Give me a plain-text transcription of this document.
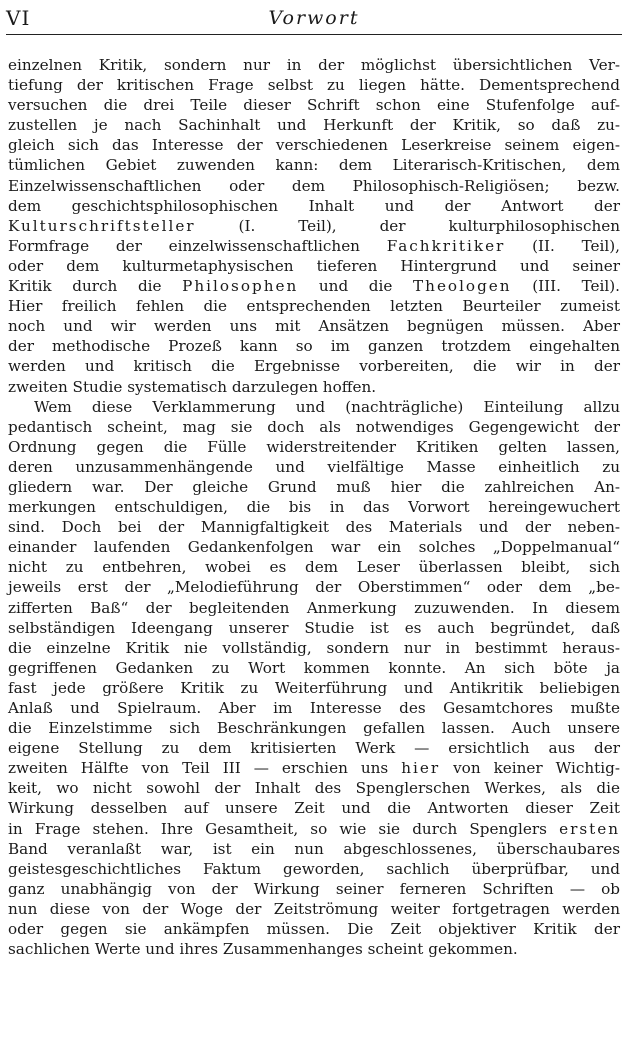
VI	Vorwort
einzelnen Kritik, sondern nur in der möglichst übersichtlichen Ver-
tiefung der kritischen Frage selbst zu liegen hätte. Dementsprechend
versuchen die drei Teile dieser Schrift schon eine Stufenfolge auf-
zustellen je nach Sachinhalt und Herkunft der Kritik, so daß zu-
gleich sich das Interesse der verschiedenen Leserkreise seinem eigen-
tümlichen Gebiet zuwenden kann: dem Literarisch-Kritischen, dem
Einzelwissenschaftlichen oder dem Philosophisch-Religiösen; bezw.
dem geschichtsphilosophischen Inhalt und der Antwort der
Kulturschriftsteller (I. Teil), der kulturphilosophischen
Formfrage der einzelwissenschaftlichen Fachkritiker (II. Teil),
oder dem kulturmetaphysischen tieferen Hintergrund und seiner
Kritik durch die Philosophen und die Theologen (III. Teil).
Hier freilich fehlen die entsprechenden letzten Beurteiler zumeist
noch und wir werden uns mit Ansätzen begnügen müssen. Aber
der methodische Prozeß kann so im ganzen trotzdem eingehalten
werden und kritisch die Ergebnisse vorbereiten, die wir in der
zweiten Studie systematisch darzulegen hoffen.
Wem diese Verklammerung und (nachträgliche) Einteilung allzu
pedantisch scheint, mag sie doch als notwendiges Gegengewicht der
Ordnung gegen die Fülle widerstreitender Kritiken gelten lassen,
deren unzusammenhängende und vielfältige Masse einheitlich zu
gliedern war. Der gleiche Grund muß hier die zahlreichen An-
merkungen entschuldigen, die bis in das Vorwort hereingewuchert
sind. Doch bei der Mannigfaltigkeit des Materials und der neben-
einander laufenden Gedankenfolgen war ein solches „Doppelmanual“
nicht zu entbehren, wobei es dem Leser überlassen bleibt, sich
jeweils erst der „Melodieführung der Oberstimmen“ oder dem „be-
zifferten Baß“ der begleitenden Anmerkung zuzuwenden. In diesem
selbständigen Ideengang unserer Studie ist es auch begründet, daß
die einzelne Kritik nie vollständig, sondern nur in bestimmt heraus-
gegriffenen Gedanken zu Wort kommen konnte. An sich böte ja
fast jede größere Kritik zu Weiterführung und Antikritik beliebigen
Anlaß und Spielraum. Aber im Interesse des Gesamtchores mußte
die Einzelstimme sich Beschränkungen gefallen lassen. Auch unsere
eigene Stellung zu dem kritisierten Werk — ersichtlich aus der
zweiten Hälfte von Teil III — erschien uns hier von keiner Wichtig-
keit, wo nicht sowohl der Inhalt des Spenglerschen Werkes, als die
Wirkung desselben auf unsere Zeit und die Antworten dieser Zeit
in Frage stehen. Ihre Gesamtheit, so wie sie durch Spenglers ersten
Band veranlaßt war, ist ein nun abgeschlossenes, überschaubares
geistesgeschichtliches Faktum geworden, sachlich überprüfbar, und
ganz unabhängig von der Wirkung seiner ferneren Schriften — ob
nun diese von der Woge der Zeitströmung weiter fortgetragen werden
oder gegen sie ankämpfen müssen. Die Zeit objektiver Kritik der
sachlichen Werte und ihres Zusammenhanges scheint gekommen.
